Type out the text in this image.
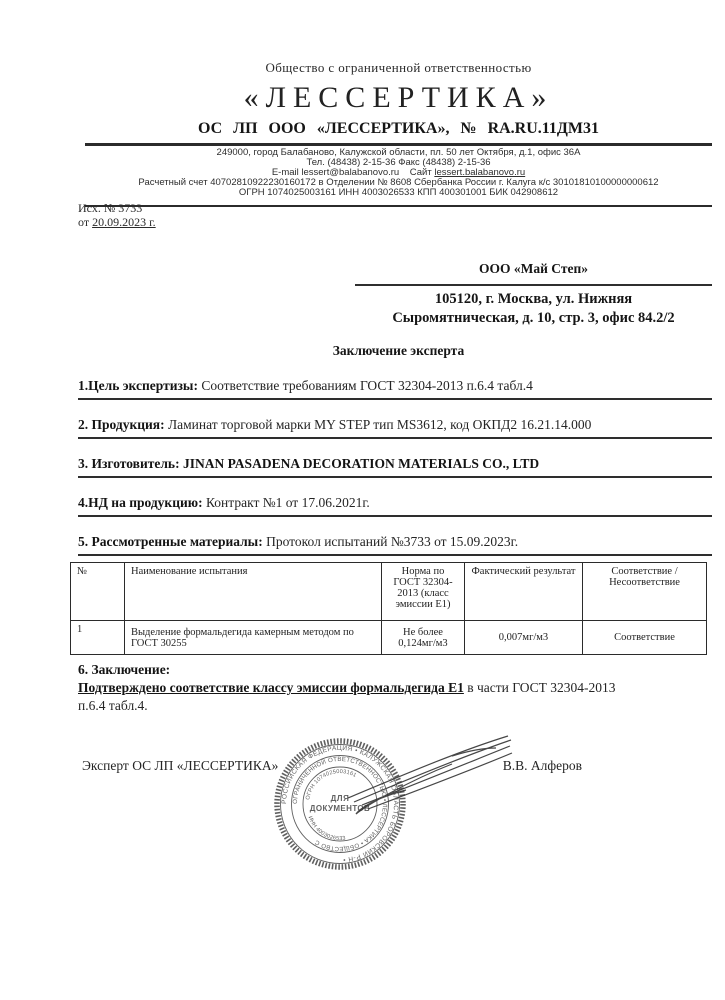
Общество с ограниченной ответственностью
«ЛЕССЕРТИКА»
ОС ЛП ООО «ЛЕССЕРТИКА», № RA.RU.11ДМ31
249000, город Балабаново, Калужской области, пл. 50 лет Октября, д.1, офис 36А
Тел. (48438) 2-15-36 Факс (48438) 2-15-36
E-mail lessert@balabanovo.ru Сайт lessert.balabanovo.ru
Расчетный счет 40702810922230160172 в Отделении № 8608 Сбербанка России г. Калуга к/с 30101810100000000612
ОГРН 1074025003161 ИНН 4003026533 КПП 400301001 БИК 042908612
Исх. № 3733
от 20.09.2023 г.
ООО «Май Степ»
105120, г. Москва, ул. Нижняя
Сыромятническая, д. 10, стр. 3, офис 84.2/2
Заключение эксперта
1.Цель экспертизы: Соответствие требованиям ГОСТ 32304-2013 п.6.4 табл.4
2. Продукция: Ламинат торговой марки MY STEP тип MS3612, код ОКПД2 16.21.14.000
3. Изготовитель: JINAN PASADENA DECORATION MATERIALS CO., LTD
4.НД на продукцию: Контракт №1 от 17.06.2021г.
5. Рассмотренные материалы: Протокол испытаний №3733 от 15.09.2023г.
№	Наименование испытания	Норма по ГОСТ 32304-2013 (класс эмиссии Е1)	Фактический результат	Соответствие / Несоответствие
1	Выделение формальдегида камерным методом по ГОСТ 30255	Не более 0,124мг/м3	0,007мг/м3	Соответствие
6. Заключение:
Подтверждено соответствие классу эмиссии формальдегида Е1 в части ГОСТ 32304-2013
п.6.4 табл.4.
Эксперт ОС ЛП «ЛЕССЕРТИКА»	В.В. Алферов
РОССИЙСКАЯ ФЕДЕРАЦИЯ • КАЛУЖСКАЯ ОБЛАСТЬ БОРОВСКИЙ Р-Н •
ОГРАНИЧЕННОЙ ОТВЕТСТВЕННОСТЬЮ • ЛЕССЕРТИКА • ОБЩЕСТВО С
ОГРН 1074025003161
ИНН 4003026533
ДЛЯ
ДОКУМЕНТОВ
